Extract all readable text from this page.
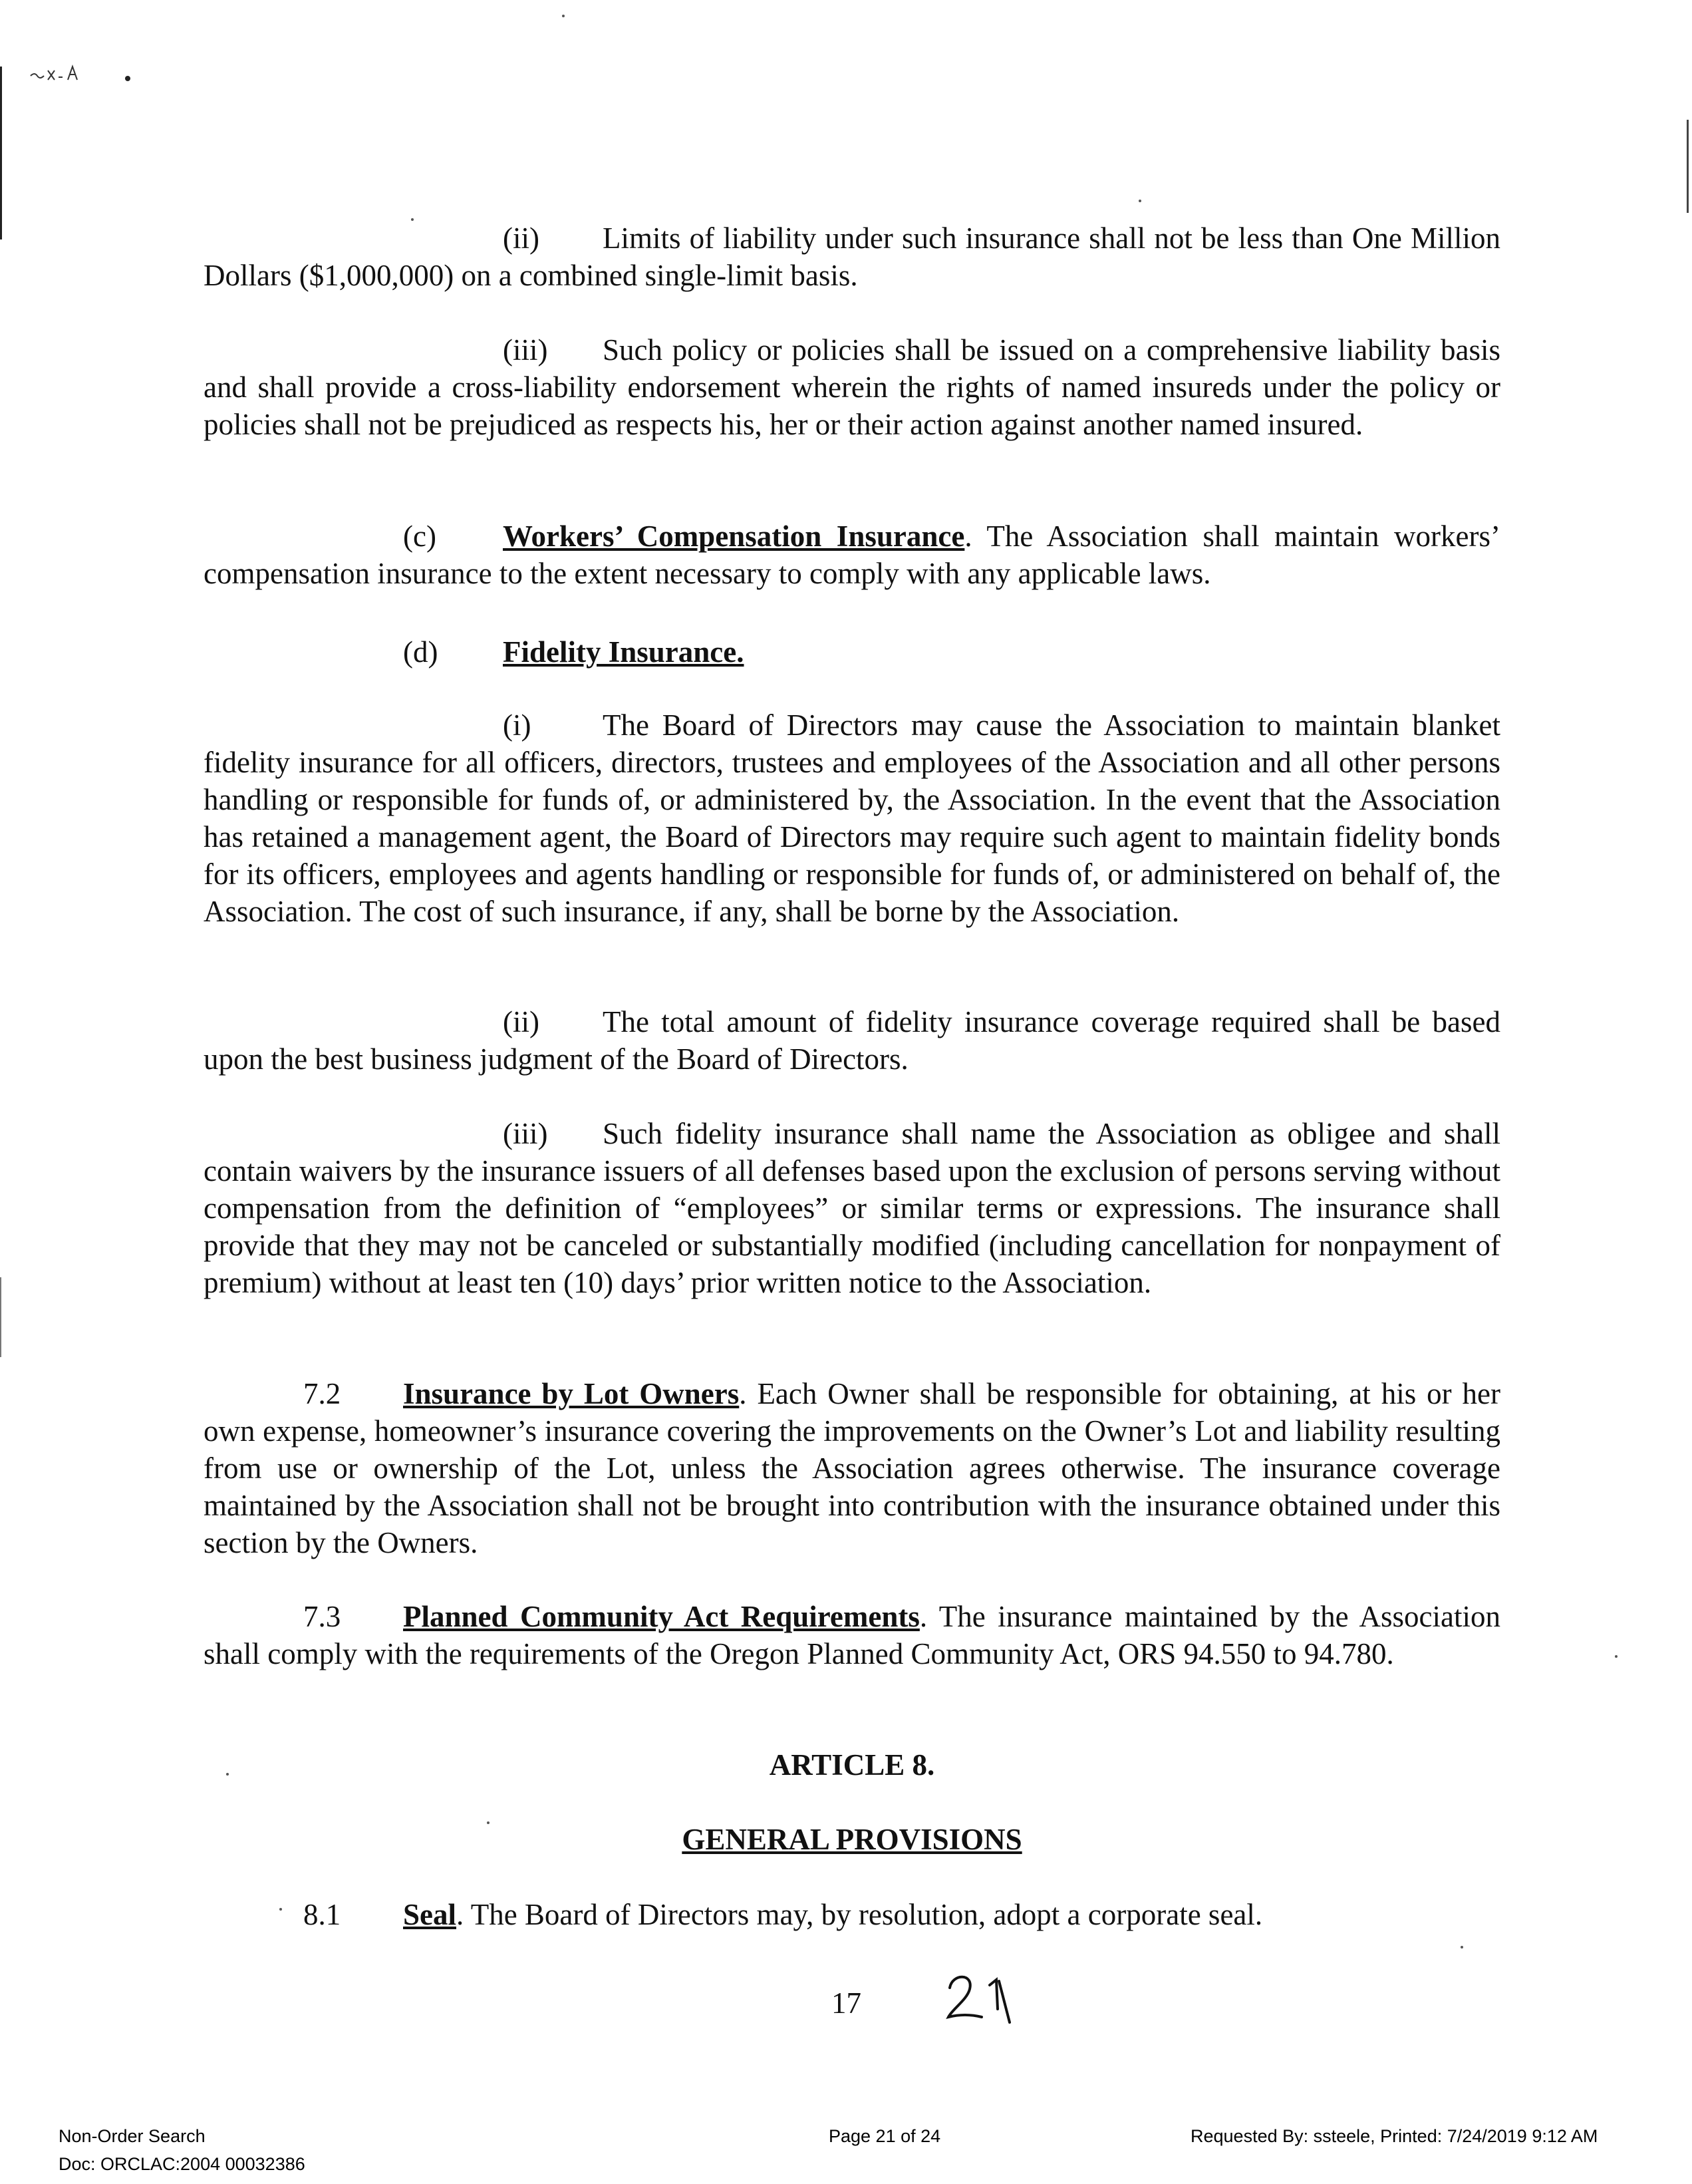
(ii) Limits of liability under such insurance shall not be less than One Million Dollars ($1,000,000) on a combined single-limit basis.

(iii) Such policy or policies shall be issued on a comprehensive liability basis and shall provide a cross-liability endorsement wherein the rights of named insureds under the policy or policies shall not be prejudiced as respects his, her or their action against another named insured.

(c) Workers’ Compensation Insurance. The Association shall maintain workers’ compensation insurance to the extent necessary to comply with any applicable laws.

(d) Fidelity Insurance.

(i) The Board of Directors may cause the Association to maintain blanket fidelity insurance for all officers, directors, trustees and employees of the Association and all other persons handling or responsible for funds of, or administered by, the Association. In the event that the Association has retained a management agent, the Board of Directors may require such agent to maintain fidelity bonds for its officers, employees and agents handling or responsible for funds of, or administered on behalf of, the Association. The cost of such insurance, if any, shall be borne by the Association.

(ii) The total amount of fidelity insurance coverage required shall be based upon the best business judgment of the Board of Directors.

(iii) Such fidelity insurance shall name the Association as obligee and shall contain waivers by the insurance issuers of all defenses based upon the exclusion of persons serving without compensation from the definition of “employees” or similar terms or expressions. The insurance shall provide that they may not be canceled or substantially modified (including cancellation for nonpayment of premium) without at least ten (10) days’ prior written notice to the Association.

7.2 Insurance by Lot Owners. Each Owner shall be responsible for obtaining, at his or her own expense, homeowner’s insurance covering the improvements on the Owner’s Lot and liability resulting from use or ownership of the Lot, unless the Association agrees otherwise. The insurance coverage maintained by the Association shall not be brought into contribution with the insurance obtained under this section by the Owners.

7.3 Planned Community Act Requirements. The insurance maintained by the Association shall comply with the requirements of the Oregon Planned Community Act, ORS 94.550 to 94.780.

ARTICLE 8.
GENERAL PROVISIONS

8.1 Seal. The Board of Directors may, by resolution, adopt a corporate seal.

17
Non-Order Search
Doc: ORCLAC:2004 00032386
Page 21 of 24	Requested By: ssteele, Printed: 7/24/2019 9:12 AM
